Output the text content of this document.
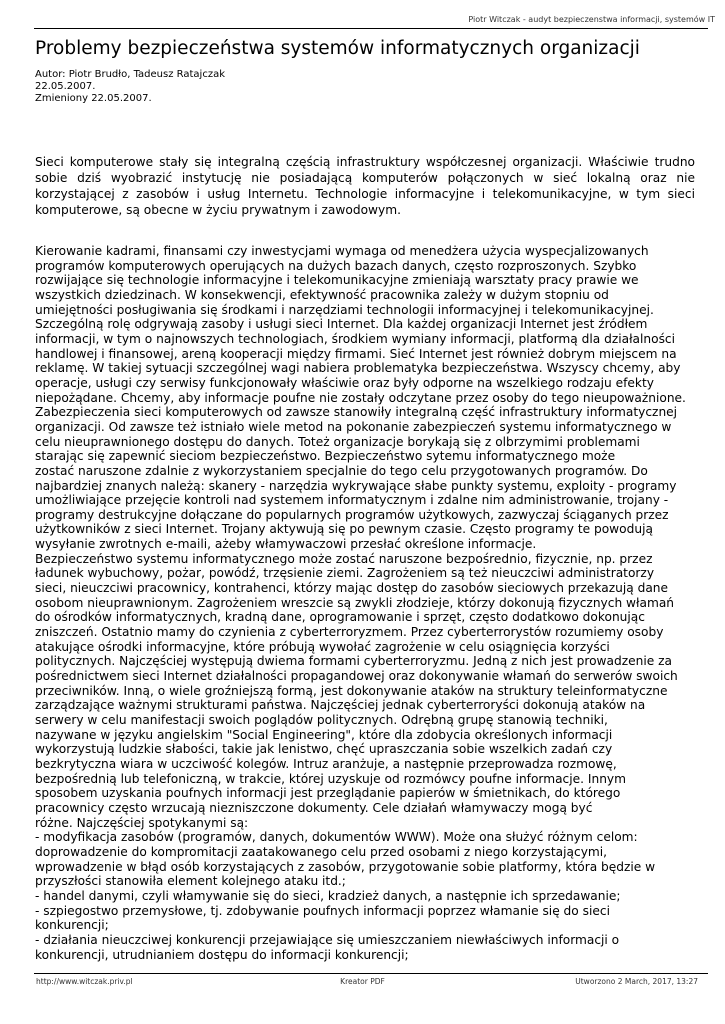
Piotr Witczak - audyt bezpieczenstwa informacji, systemów IT
Problemy bezpieczeństwa systemów informatycznych organizacji
Autor: Piotr Brudło, Tadeusz Ratajczak
22.05.2007.
Zmieniony 22.05.2007.

Sieci komputerowe stały się integralną częścią infrastruktury współczesnej organizacji. Właściwie trudno sobie dziś wyobrazić instytucję nie posiadającą komputerów połączonych w sieć lokalną oraz nie korzystającej z zasobów i usług Internetu. Technologie informacyjne i telekomunikacyjne, w tym sieci komputerowe, są obecne w życiu prywatnym i zawodowym.

Kierowanie kadrami, finansami czy inwestycjami wymaga od menedżera użycia wyspecjalizowanych
programów komputerowych operujących na dużych bazach danych, często rozproszonych. Szybko
rozwijające się technologie informacyjne i telekomunikacyjne zmieniają warsztaty pracy prawie we
wszystkich dziedzinach. W konsekwencji, efektywność pracownika zależy w dużym stopniu od
umiejętności posługiwania się środkami i narzędziami technologii informacyjnej i telekomunikacyjnej.
Szczególną rolę odgrywają zasoby i usługi sieci Internet. Dla każdej organizacji Internet jest źródłem
informacji, w tym o najnowszych technologiach, środkiem wymiany informacji, platformą dla działalności
handlowej i finansowej, areną kooperacji między firmami. Sieć Internet jest również dobrym miejscem na
reklamę. W takiej sytuacji szczególnej wagi nabiera problematyka bezpieczeństwa. Wszyscy chcemy, aby
operacje, usługi czy serwisy funkcjonowały właściwie oraz były odporne na wszelkiego rodzaju efekty
niepożądane. Chcemy, aby informacje poufne nie zostały odczytane przez osoby do tego nieupoważnione.
Zabezpieczenia sieci komputerowych od zawsze stanowiły integralną część infrastruktury informatycznej
organizacji. Od zawsze też istniało wiele metod na pokonanie zabezpieczeń systemu informatycznego w
celu nieuprawnionego dostępu do danych. Toteż organizacje borykają się z olbrzymimi problemami
starając się zapewnić sieciom bezpieczeństwo. Bezpieczeństwo sytemu informatycznego może
zostać naruszone zdalnie z wykorzystaniem specjalnie do tego celu przygotowanych programów. Do
najbardziej znanych należą: skanery - narzędzia wykrywające słabe punkty systemu, exploity - programy
umożliwiające przejęcie kontroli nad systemem informatycznym i zdalne nim administrowanie, trojany -
programy destrukcyjne dołączane do popularnych programów użytkowych, zazwyczaj ściąganych przez
użytkowników z sieci Internet. Trojany aktywują się po pewnym czasie. Często programy te powodują
wysyłanie zwrotnych e-maili, ażeby włamywaczowi przesłać określone informacje.
Bezpieczeństwo systemu informatycznego może zostać naruszone bezpośrednio, fizycznie, np. przez
ładunek wybuchowy, pożar, powódź, trzęsienie ziemi. Zagrożeniem są też nieuczciwi administratorzy
sieci, nieuczciwi pracownicy, kontrahenci, którzy mając dostęp do zasobów sieciowych przekazują dane
osobom nieuprawnionym. Zagrożeniem wreszcie są zwykli złodzieje, którzy dokonują fizycznych włamań
do ośrodków informatycznych, kradną dane, oprogramowanie i sprzęt, często dodatkowo dokonując
zniszczeń. Ostatnio mamy do czynienia z cyberterroryzmem. Przez cyberterrorystów rozumiemy osoby
atakujące ośrodki informacyjne, które próbują wywołać zagrożenie w celu osiągnięcia korzyści
politycznych. Najczęściej występują dwiema formami cyberterroryzmu. Jedną z nich jest prowadzenie za
pośrednictwem sieci Internet działalności propagandowej oraz dokonywanie włamań do serwerów swoich
przeciwników. Inną, o wiele groźniejszą formą, jest dokonywanie ataków na struktury teleinformatyczne
zarządzające ważnymi strukturami państwa. Najczęściej jednak cyberterroryści dokonują ataków na
serwery w celu manifestacji swoich poglądów politycznych. Odrębną grupę stanowią techniki,
nazywane w języku angielskim "Social Engineering", które dla zdobycia określonych informacji
wykorzystują ludzkie słabości, takie jak lenistwo, chęć upraszczania sobie wszelkich zadań czy
bezkrytyczna wiara w uczciwość kolegów. Intruz aranżuje, a następnie przeprowadza rozmowę,
bezpośrednią lub telefoniczną, w trakcie, której uzyskuje od rozmówcy poufne informacje. Innym
sposobem uzyskania poufnych informacji jest przeglądanie papierów w śmietnikach, do którego
pracownicy często wrzucają niezniszczone dokumenty. Cele działań włamywaczy mogą być
różne. Najczęściej spotykanymi są:
- modyfikacja zasobów (programów, danych, dokumentów WWW). Może ona służyć różnym celom:
doprowadzenie do kompromitacji zaatakowanego celu przed osobami z niego korzystającymi,
wprowadzenie w błąd osób korzystających z zasobów, przygotowanie sobie platformy, która będzie w
przyszłości stanowiła element kolejnego ataku itd.;
- handel danymi, czyli włamywanie się do sieci, kradzież danych, a następnie ich sprzedawanie;
- szpiegostwo przemysłowe, tj. zdobywanie poufnych informacji poprzez włamanie się do sieci
konkurencji;
- działania nieuczciwej konkurencji przejawiające się umieszczaniem niewłaściwych informacji o
konkurencji, utrudnianiem dostępu do informacji konkurencji;
http://www.witczak.priv.pl	Kreator PDF	Utworzono 2 March, 2017, 13:27
